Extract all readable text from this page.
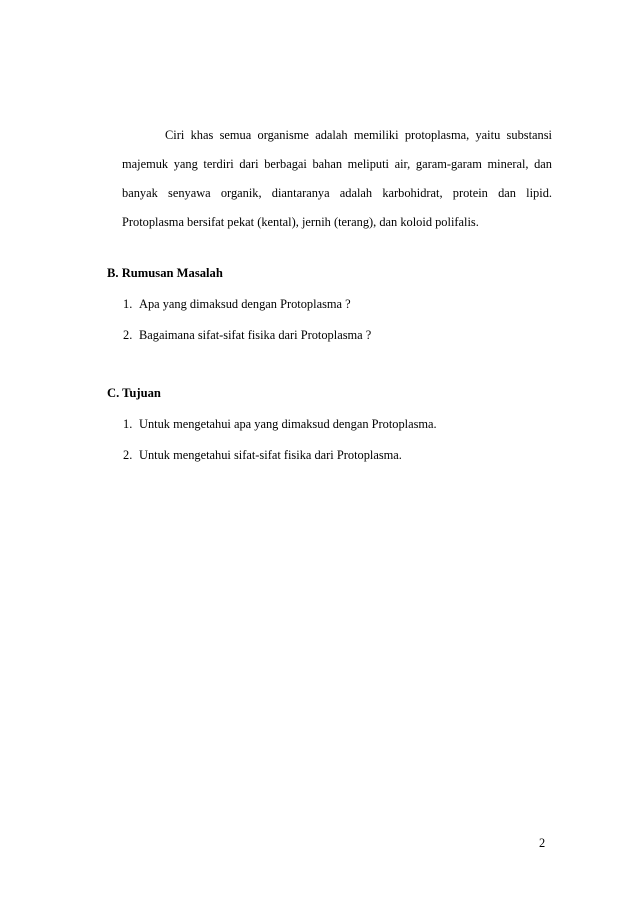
Ciri khas semua organisme adalah memiliki protoplasma, yaitu substansi majemuk yang terdiri dari berbagai bahan meliputi air, garam-garam mineral, dan banyak senyawa organik, diantaranya adalah karbohidrat, protein dan lipid. Protoplasma bersifat pekat (kental), jernih (terang), dan koloid polifalis.

B. Rumusan Masalah

1. Apa yang dimaksud dengan Protoplasma ?

2. Bagaimana sifat-sifat fisika dari Protoplasma ?

C. Tujuan

1. Untuk mengetahui apa yang dimaksud dengan Protoplasma.

2. Untuk mengetahui sifat-sifat fisika dari Protoplasma.

2
